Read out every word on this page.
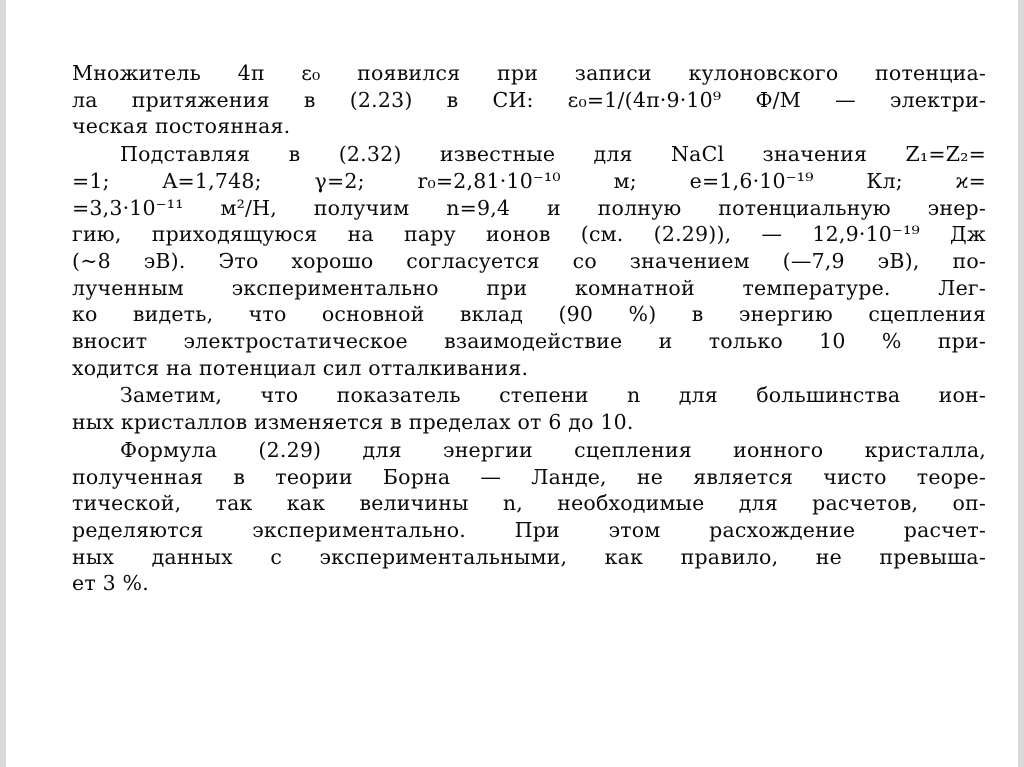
Множитель 4π ε₀ появился при записи кулоновского потенциа-
ла притяжения в (2.23) в СИ: ε₀=1/(4π·9·10⁹ Ф/М — электри-
ческая постоянная.
Подставляя в (2.32) известные для NaCl значения Z₁=Z₂=
=1; A=1,748; γ=2; r₀=2,81·10⁻¹⁰ м; e=1,6·10⁻¹⁹ Кл; ϰ=
=3,3·10⁻¹¹ м²/Н, получим n=9,4 и полную потенциальную энер-
гию, приходящуюся на пару ионов (см. (2.29)), — 12,9·10⁻¹⁹ Дж
(~8 эВ). Это хорошо согласуется со значением (—7,9 эВ), по-
лученным экспериментально при комнатной температуре. Лег-
ко видеть, что основной вклад (90 %) в энергию сцепления
вносит электростатическое взаимодействие и только 10 % при-
ходится на потенциал сил отталкивания.
Заметим, что показатель степени n для большинства ион-
ных кристаллов изменяется в пределах от 6 до 10.
Формула (2.29) для энергии сцепления ионного кристалла,
полученная в теории Борна — Ланде, не является чисто теоре-
тической, так как величины n, необходимые для расчетов, оп-
ределяются экспериментально. При этом расхождение расчет-
ных данных с экспериментальными, как правило, не превыша-
ет 3 %.
